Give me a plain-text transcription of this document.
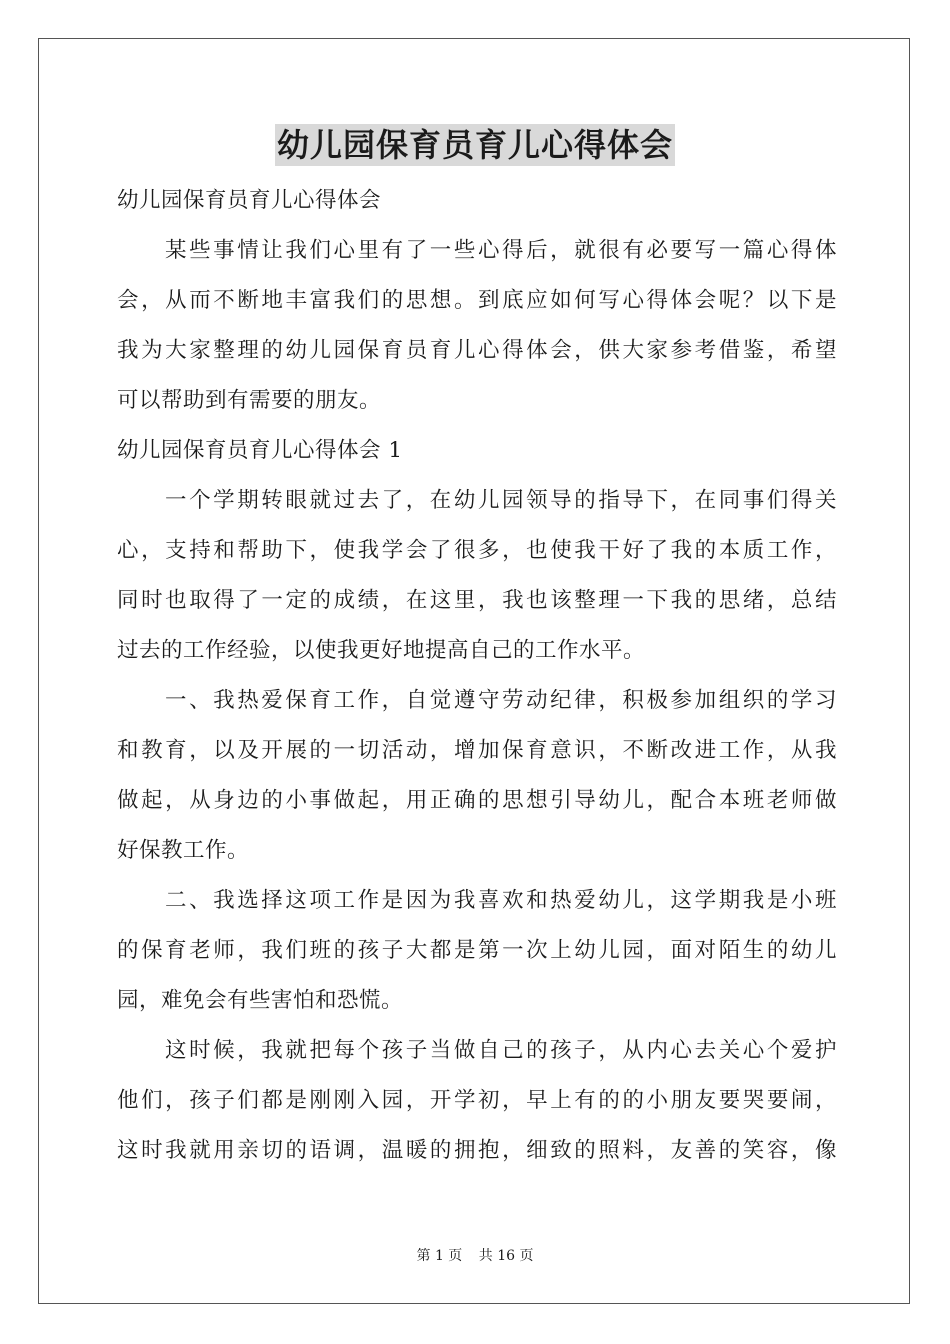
幼儿园保育员育儿心得体会
幼儿园保育员育儿心得体会
某些事情让我们心里有了一些心得后，就很有必要写一篇心得体
会，从而不断地丰富我们的思想。到底应如何写心得体会呢？以下是
我为大家整理的幼儿园保育员育儿心得体会，供大家参考借鉴，希望
可以帮助到有需要的朋友。
幼儿园保育员育儿心得体会 1
一个学期转眼就过去了，在幼儿园领导的指导下，在同事们得关
心，支持和帮助下，使我学会了很多，也使我干好了我的本质工作，
同时也取得了一定的成绩，在这里，我也该整理一下我的思绪，总结
过去的工作经验，以使我更好地提高自己的工作水平。
一、我热爱保育工作，自觉遵守劳动纪律，积极参加组织的学习
和教育，以及开展的一切活动，增加保育意识，不断改进工作，从我
做起，从身边的小事做起，用正确的思想引导幼儿，配合本班老师做
好保教工作。
二、我选择这项工作是因为我喜欢和热爱幼儿，这学期我是小班
的保育老师，我们班的孩子大都是第一次上幼儿园，面对陌生的幼儿
园，难免会有些害怕和恐慌。
这时候，我就把每个孩子当做自己的孩子，从内心去关心个爱护
他们，孩子们都是刚刚入园，开学初，早上有的的小朋友要哭要闹，
这时我就用亲切的语调，温暖的拥抱，细致的照料，友善的笑容，像
第 1 页 共 16 页
